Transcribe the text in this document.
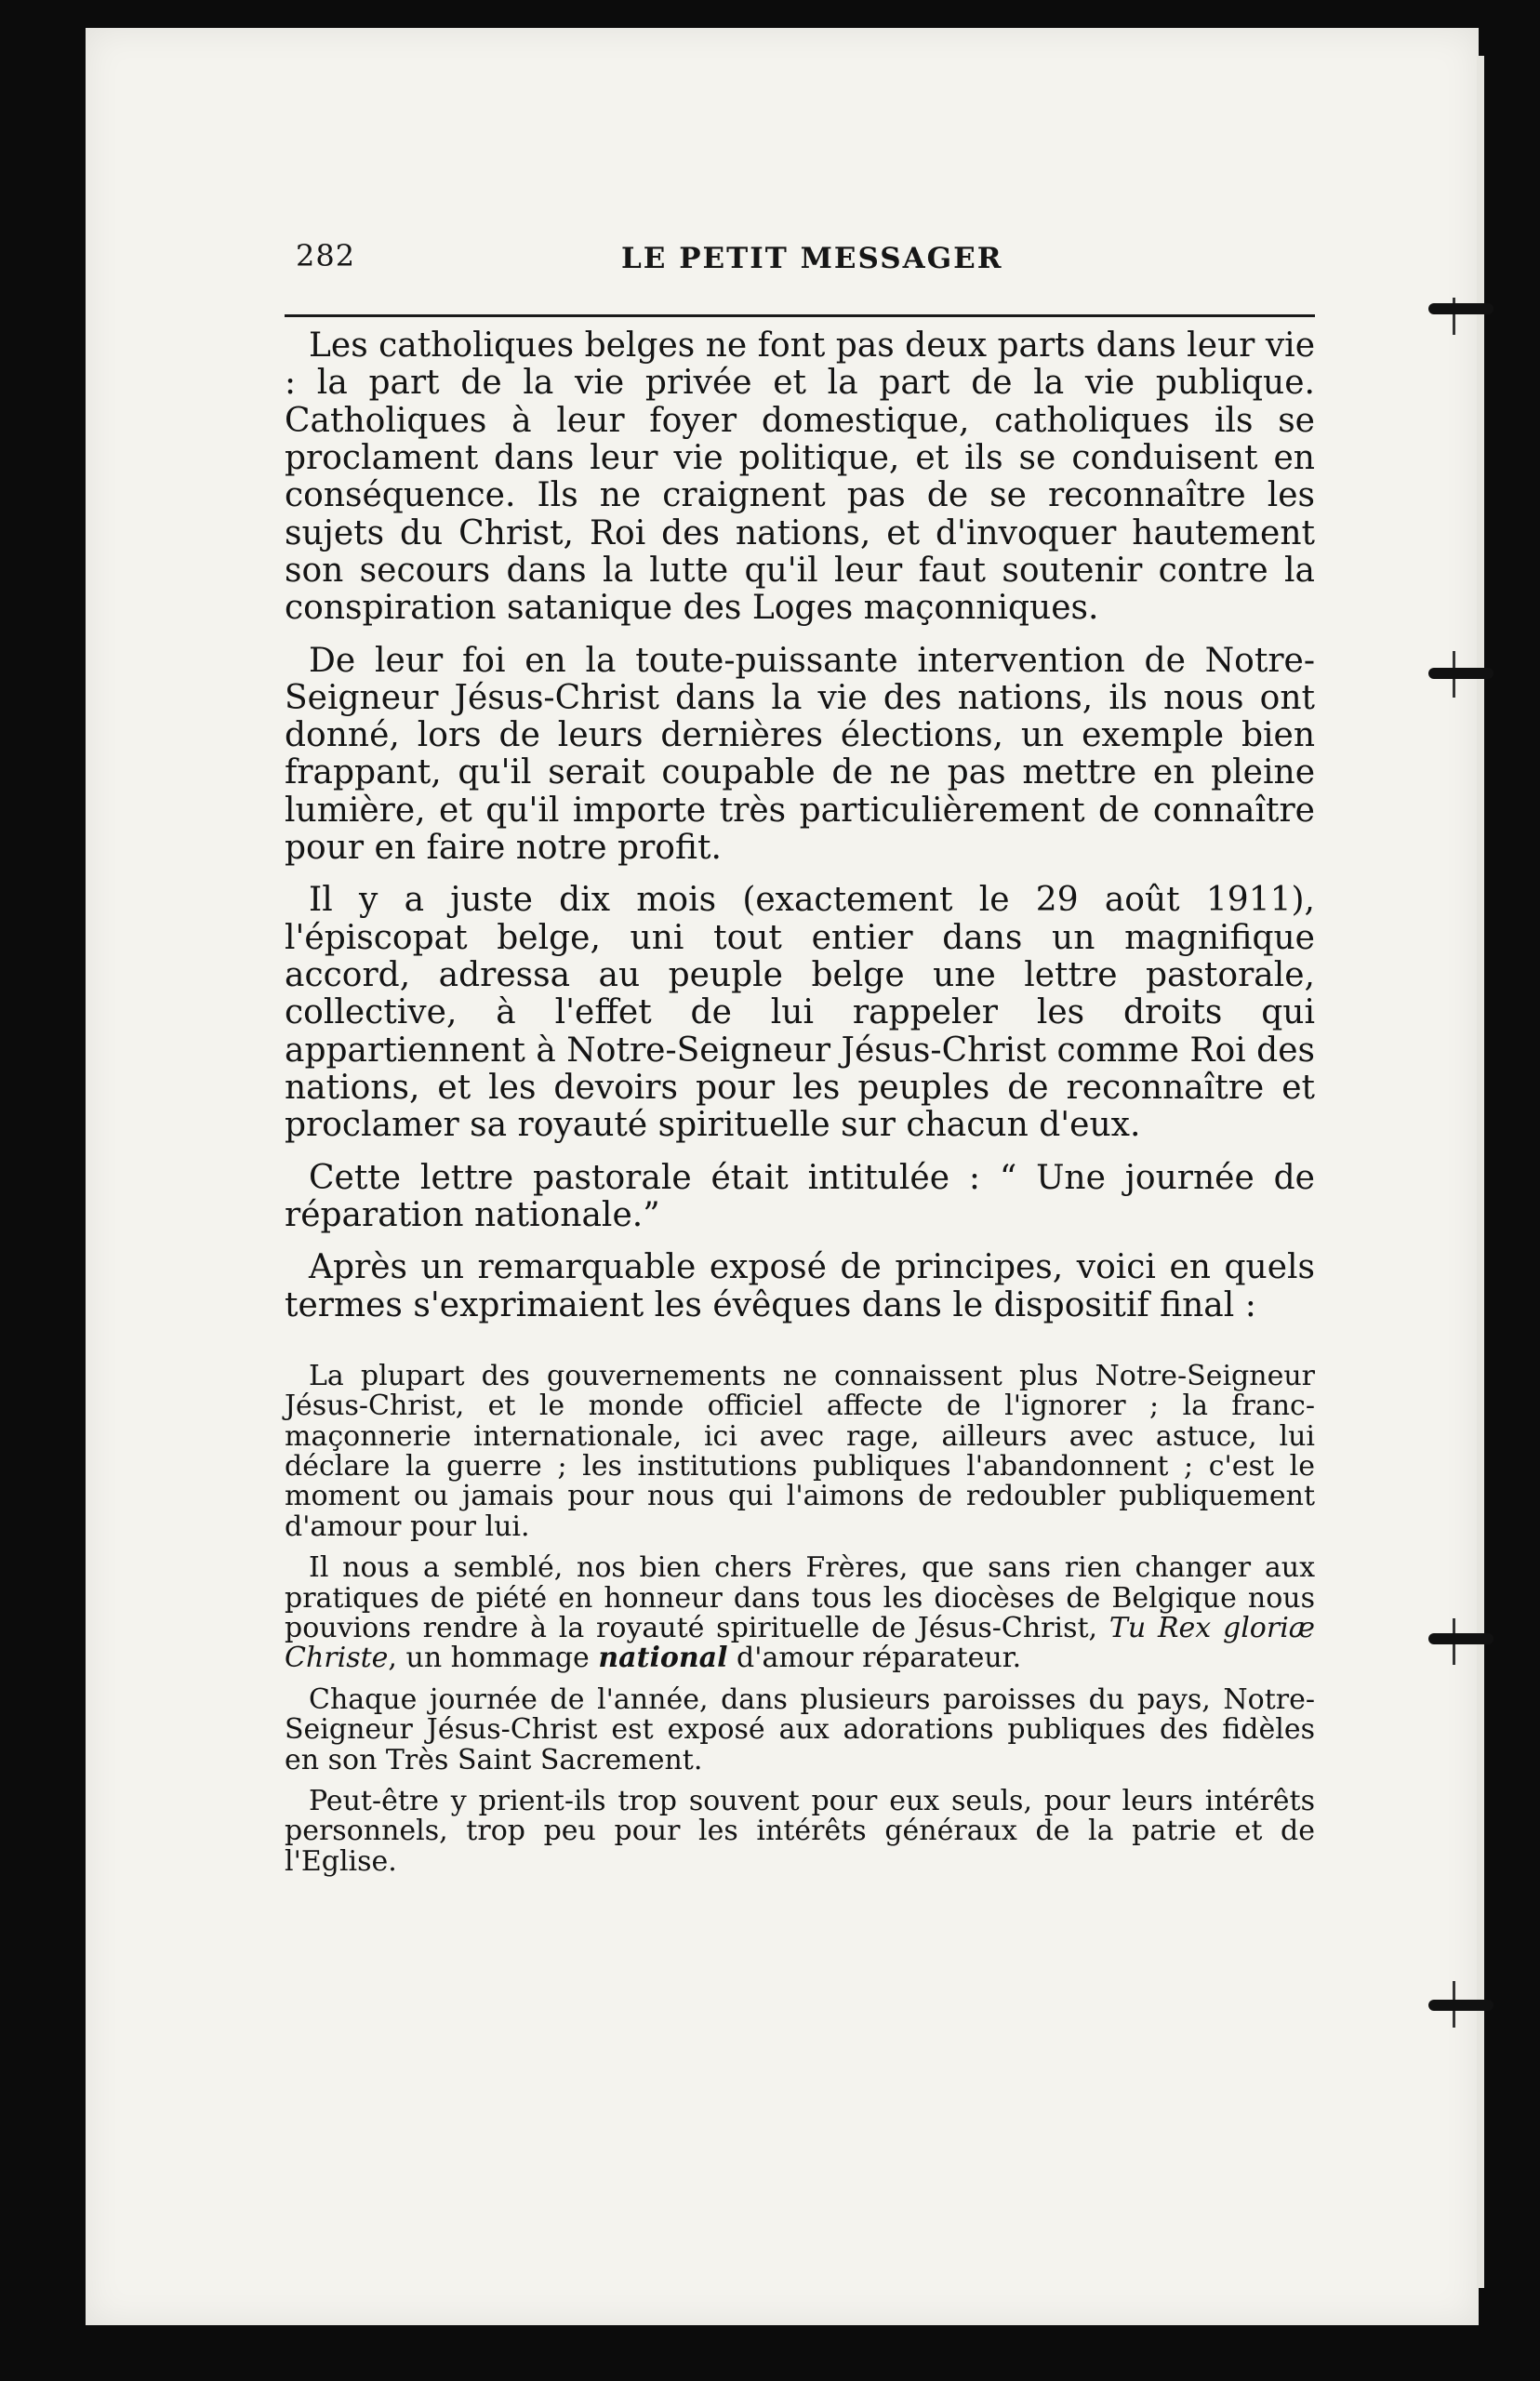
282	LE PETIT MESSAGER

Les catholiques belges ne font pas deux parts dans leur vie : la part de la vie privée et la part de la vie publique. Catholiques à leur foyer domestique, catholiques ils se proclament dans leur vie politique, et ils se conduisent en conséquence. Ils ne craignent pas de se reconnaître les sujets du Christ, Roi des nations, et d'invoquer hautement son secours dans la lutte qu'il leur faut soutenir contre la conspiration satanique des Loges maçonniques.

De leur foi en la toute-puissante intervention de Notre-Seigneur Jésus-Christ dans la vie des nations, ils nous ont donné, lors de leurs dernières élections, un exemple bien frappant, qu'il serait coupable de ne pas mettre en pleine lumière, et qu'il importe très particulièrement de connaître pour en faire notre profit.

Il y a juste dix mois (exactement le 29 août 1911), l'épiscopat belge, uni tout entier dans un magnifique accord, adressa au peuple belge une lettre pastorale, collective, à l'effet de lui rappeler les droits qui appartiennent à Notre-Seigneur Jésus-Christ comme Roi des nations, et les devoirs pour les peuples de reconnaître et proclamer sa royauté spirituelle sur chacun d'eux.

Cette lettre pastorale était intitulée : “ Une journée de réparation nationale.”

Après un remarquable exposé de principes, voici en quels termes s'exprimaient les évêques dans le dispositif final :

La plupart des gouvernements ne connaissent plus Notre-Seigneur Jésus-Christ, et le monde officiel affecte de l'ignorer ; la franc-maçonnerie internationale, ici avec rage, ailleurs avec astuce, lui déclare la guerre ; les institutions publiques l'abandonnent ; c'est le moment ou jamais pour nous qui l'aimons de redoubler publiquement d'amour pour lui.

Il nous a semblé, nos bien chers Frères, que sans rien changer aux pratiques de piété en honneur dans tous les diocèses de Belgique nous pouvions rendre à la royauté spirituelle de Jésus-Christ, Tu Rex gloriæ Christe, un hommage national d'amour réparateur.

Chaque journée de l'année, dans plusieurs paroisses du pays, Notre-Seigneur Jésus-Christ est exposé aux adorations publiques des fidèles en son Très Saint Sacrement.

Peut-être y prient-ils trop souvent pour eux seuls, pour leurs intérêts personnels, trop peu pour les intérêts généraux de la patrie et de l'Eglise.
